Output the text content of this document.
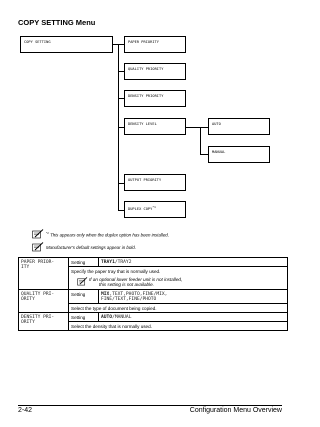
COPY SETTING Menu
COPY SETTING	PAPER PRIORITY
QUALITY PRIORITY
DENSITY PRIORITY
DENSITY LEVEL
OUTPUT PRIORITY
DUPLEX COPY$^{*1}$
AUTO
MANUAL
$^{*1}$ This appears only when the duplex option has been installed.
Manufacturer's default settings appear in bold.
PAPER PRIOR-
ITY	Setting	TRAY1/TRAY2

	Specify the paper tray that is normally used.
If an optional lower feeder unit is not installed,
this setting is not available.	

QUALITY PRI-
ORITY	Setting	MIX,TEXT,PHOTO,FINE/MIX,
FINE/TEXT,FINE/PHOTO
	Select the type of document being copied.	
DENSITY PRI-
ORITY	Setting	AUTO/MANUAL
	Select the density that is normally used.	
2-42	Configuration Menu Overview
